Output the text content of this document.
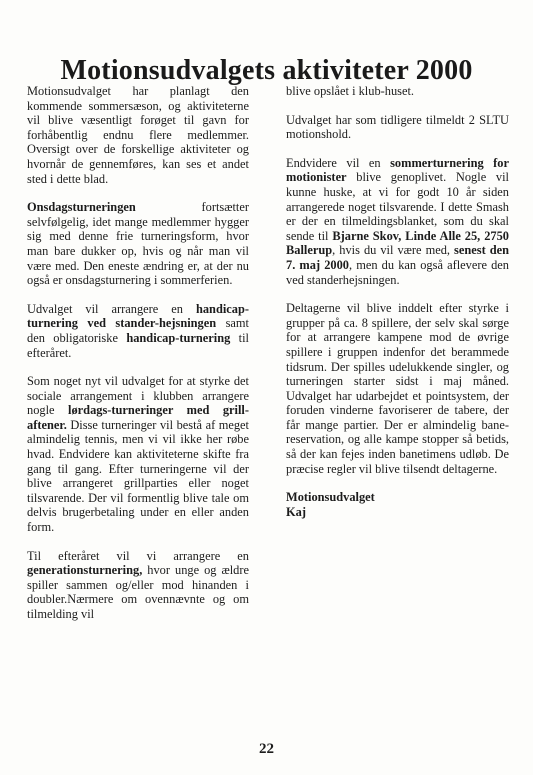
Motionsudvalgets aktiviteter 2000

Motionsudvalget har planlagt den kommende sommersæson, og aktiviteterne vil blive væsentligt forøget til gavn for forhåbentlig endnu flere medlemmer. Oversigt over de forskellige aktiviteter og hvornår de gennemføres, kan ses et andet sted i dette blad.

Onsdagsturneringen fortsætter selvfølgelig, idet mange medlemmer hygger sig med denne frie turneringsform, hvor man bare dukker op, hvis og når man vil være med. Den eneste ændring er, at der nu også er onsdagsturnering i sommerferien.

Udvalget vil arrangere en handicap-turnering ved stander-hejsningen samt den obligatoriske handicap-turnering til efteråret.

Som noget nyt vil udvalget for at styrke det sociale arrangement i klubben arrangere nogle lørdags-turneringer med grill-aftener. Disse turneringer vil bestå af meget almindelig tennis, men vi vil ikke her røbe hvad. Endvidere kan aktiviteterne skifte fra gang til gang. Efter turneringerne vil der blive arrangeret grillparties eller noget tilsvarende. Der vil formentlig blive tale om delvis brugerbetaling under en eller anden form.

Til efteråret vil vi arrangere en generationsturnering, hvor unge og ældre spiller sammen og/eller mod hinanden i doubler.Nærmere om ovennævnte og om tilmelding vil

blive opslået i klub-huset.

Udvalget har som tidligere tilmeldt 2 SLTU motionshold.

Endvidere vil en sommerturnering for motionister blive genoplivet. Nogle vil kunne huske, at vi for godt 10 år siden arrangerede noget tilsvarende. I dette Smash er der en tilmeldingsblanket, som du skal sende til Bjarne Skov, Linde Alle 25, 2750 Ballerup, hvis du vil være med, senest den 7. maj 2000, men du kan også aflevere den ved standerhejsningen.

Deltagerne vil blive inddelt efter styrke i grupper på ca. 8 spillere, der selv skal sørge for at arrangere kampene mod de øvrige spillere i gruppen indenfor det berammede tidsrum. Der spilles udelukkende singler, og turneringen starter sidst i maj måned. Udvalget har udarbejdet et pointsystem, der foruden vinderne favoriserer de tabere, der får mange partier. Der er almindelig bane-reservation, og alle kampe stopper så betids, så der kan fejes inden banetimens udløb. De præcise regler vil blive tilsendt deltagerne.

Motionsudvalget
Kaj

22
